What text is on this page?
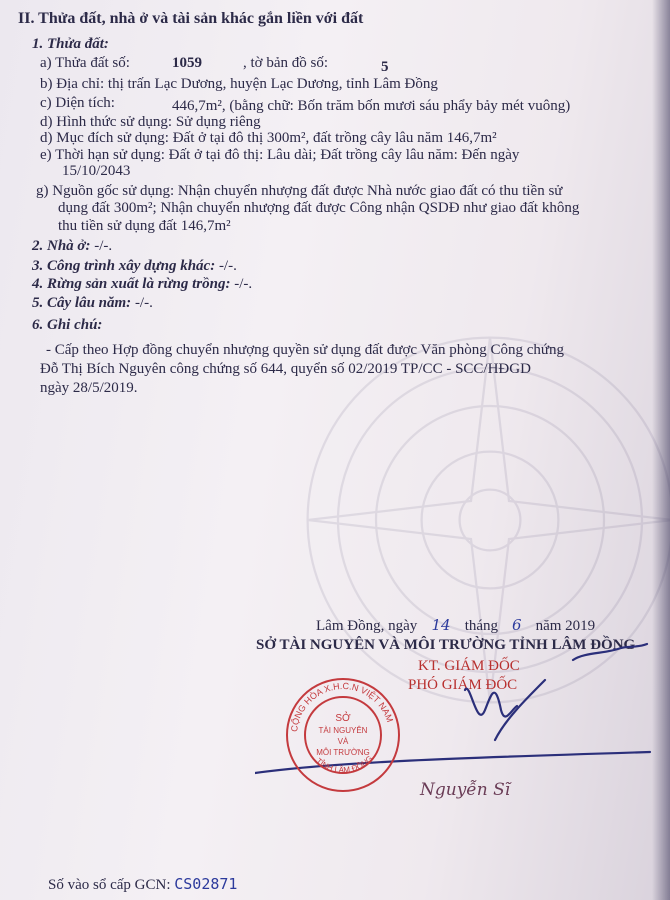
II. Thửa đất, nhà ở và tài sản khác gắn liền với đất
1. Thửa đất:
a) Thửa đất số:	1059	, tờ bản đồ số:	5
b) Địa chỉ: thị trấn Lạc Dương, huyện Lạc Dương, tỉnh Lâm Đồng
c) Diện tích:	446,7m², (bằng chữ: Bốn trăm bốn mươi sáu phẩy bảy mét vuông)
d) Hình thức sử dụng: Sử dụng riêng
d) Mục đích sử dụng: Đất ở tại đô thị 300m², đất trồng cây lâu năm 146,7m²
e) Thời hạn sử dụng: Đất ở tại đô thị: Lâu dài; Đất trồng cây lâu năm: Đến ngày
15/10/2043
g) Nguồn gốc sử dụng: Nhận chuyển nhượng đất được Nhà nước giao đất có thu tiền sử
dụng đất 300m²; Nhận chuyển nhượng đất được Công nhận QSDĐ như giao đất không
thu tiền sử dụng đất 146,7m²
2. Nhà ở: -/-.
3. Công trình xây dựng khác: -/-.
4. Rừng sản xuất là rừng trồng: -/-.
5. Cây lâu năm: -/-.
6. Ghi chú:
- Cấp theo Hợp đồng chuyển nhượng quyền sử dụng đất được Văn phòng Công chứng
Đỗ Thị Bích Nguyên công chứng số 644, quyển số 02/2019 TP/CC - SCC/HĐGD
ngày 28/5/2019.
Lâm Đồng, ngày 14 tháng 6 năm 2019
SỞ TÀI NGUYÊN VÀ MÔI TRƯỜNG TỈNH LÂM ĐỒNG
KT. GIÁM ĐỐC
PHÓ GIÁM ĐỐC
CỘNG HÒA X.H.C.N VIỆT NAM
TỈNH LÂM ĐỒNG
SỞ
TÀI NGUYÊN
VÀ
MÔI TRƯỜNG
Nguyễn Sĩ
Số vào sổ cấp GCN: CS02871
